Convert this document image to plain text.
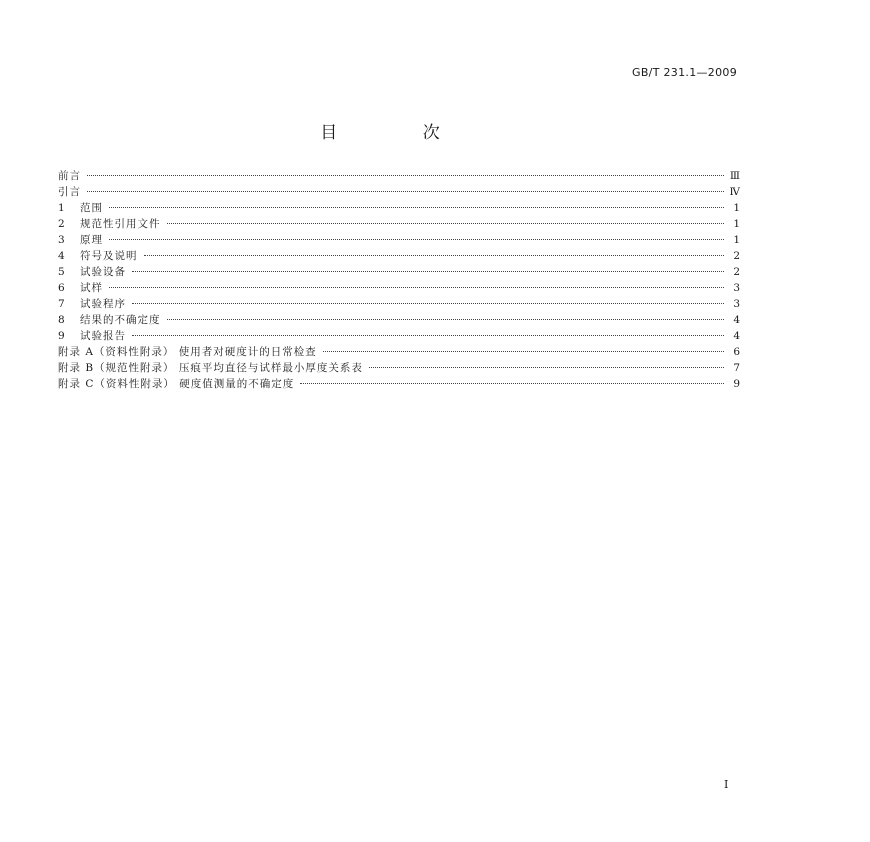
GB/T 231.1—2009
目 次
前言	Ⅲ
引言	Ⅳ
1	范围	1
2	规范性引用文件	1
3	原理	1
4	符号及说明	2
5	试验设备	2
6	试样	3
7	试验程序	3
8	结果的不确定度	4
9	试验报告	4
附录 A（资料性附录） 使用者对硬度计的日常检查	6
附录 B（规范性附录） 压痕平均直径与试样最小厚度关系表	7
附录 C（资料性附录） 硬度值测量的不确定度	9
I
